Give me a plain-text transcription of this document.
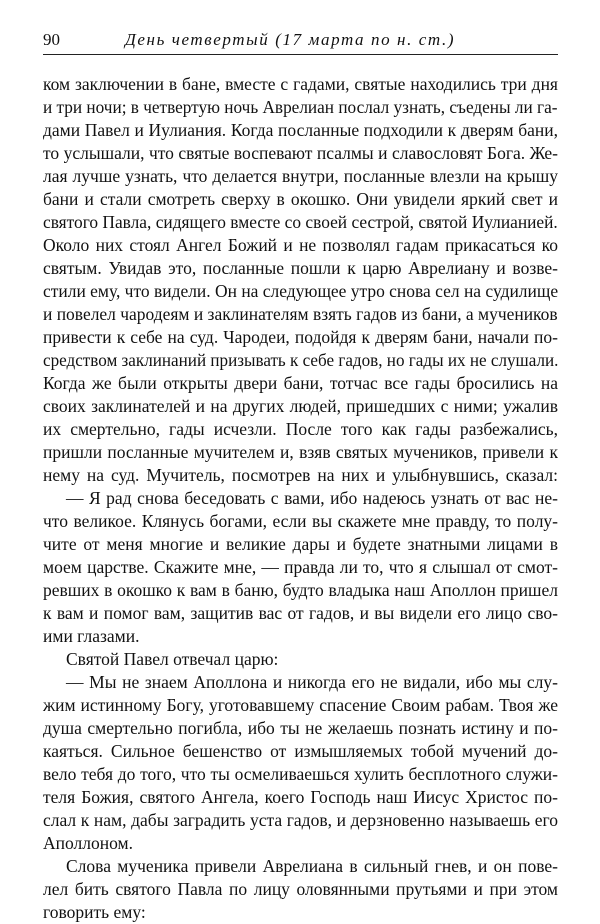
90	День четвертый (17 марта по н. ст.)
ком заключении в бане, вместе с гадами, святые находились три дня
и три ночи; в четвертую ночь Аврелиан послал узнать, съедены ли га-
дами Павел и Иулиания. Когда посланные подходили к дверям бани,
то услышали, что святые воспевают псалмы и славословят Бога. Же-
лая лучше узнать, что делается внутри, посланные влезли на крышу
бани и стали смотреть сверху в окошко. Они увидели яркий свет и
святого Павла, сидящего вместе со своей сестрой, святой Иулианией.
Около них стоял Ангел Божий и не позволял гадам прикасаться ко
святым. Увидав это, посланные пошли к царю Аврелиану и возве-
стили ему, что видели. Он на следующее утро снова сел на судилище
и повелел чародеям и заклинателям взять гадов из бани, а мучеников
привести к себе на суд. Чародеи, подойдя к дверям бани, начали по-
средством заклинаний призывать к себе гадов, но гады их не слушали.
Когда же были открыты двери бани, тотчас все гады бросились на
своих заклинателей и на других людей, пришедших с ними; ужалив
их смертельно, гады исчезли. После того как гады разбежались,
пришли посланные мучителем и, взяв святых мучеников, привели к
нему на суд. Мучитель, посмотрев на них и улыбнувшись, сказал:
— Я рад снова беседовать с вами, ибо надеюсь узнать от вас не-
что великое. Клянусь богами, если вы скажете мне правду, то полу-
чите от меня многие и великие дары и будете знатными лицами в
моем царстве. Скажите мне, — правда ли то, что я слышал от смот-
ревших в окошко к вам в баню, будто владыка наш Аполлон пришел
к вам и помог вам, защитив вас от гадов, и вы видели его лицо сво-
ими глазами.
Святой Павел отвечал царю:
— Мы не знаем Аполлона и никогда его не видали, ибо мы слу-
жим истинному Богу, уготовавшему спасение Своим рабам. Твоя же
душа смертельно погибла, ибо ты не желаешь познать истину и по-
каяться. Сильное бешенство от измышляемых тобой мучений до-
вело тебя до того, что ты осмеливаешься хулить бесплотного служи-
теля Божия, святого Ангела, коего Господь наш Иисус Христос по-
слал к нам, дабы заградить уста гадов, и дерзновенно называешь его
Аполлоном.
Слова мученика привели Аврелиана в сильный гнев, и он пове-
лел бить святого Павла по лицу оловянными прутьями и при этом
говорить ему:
